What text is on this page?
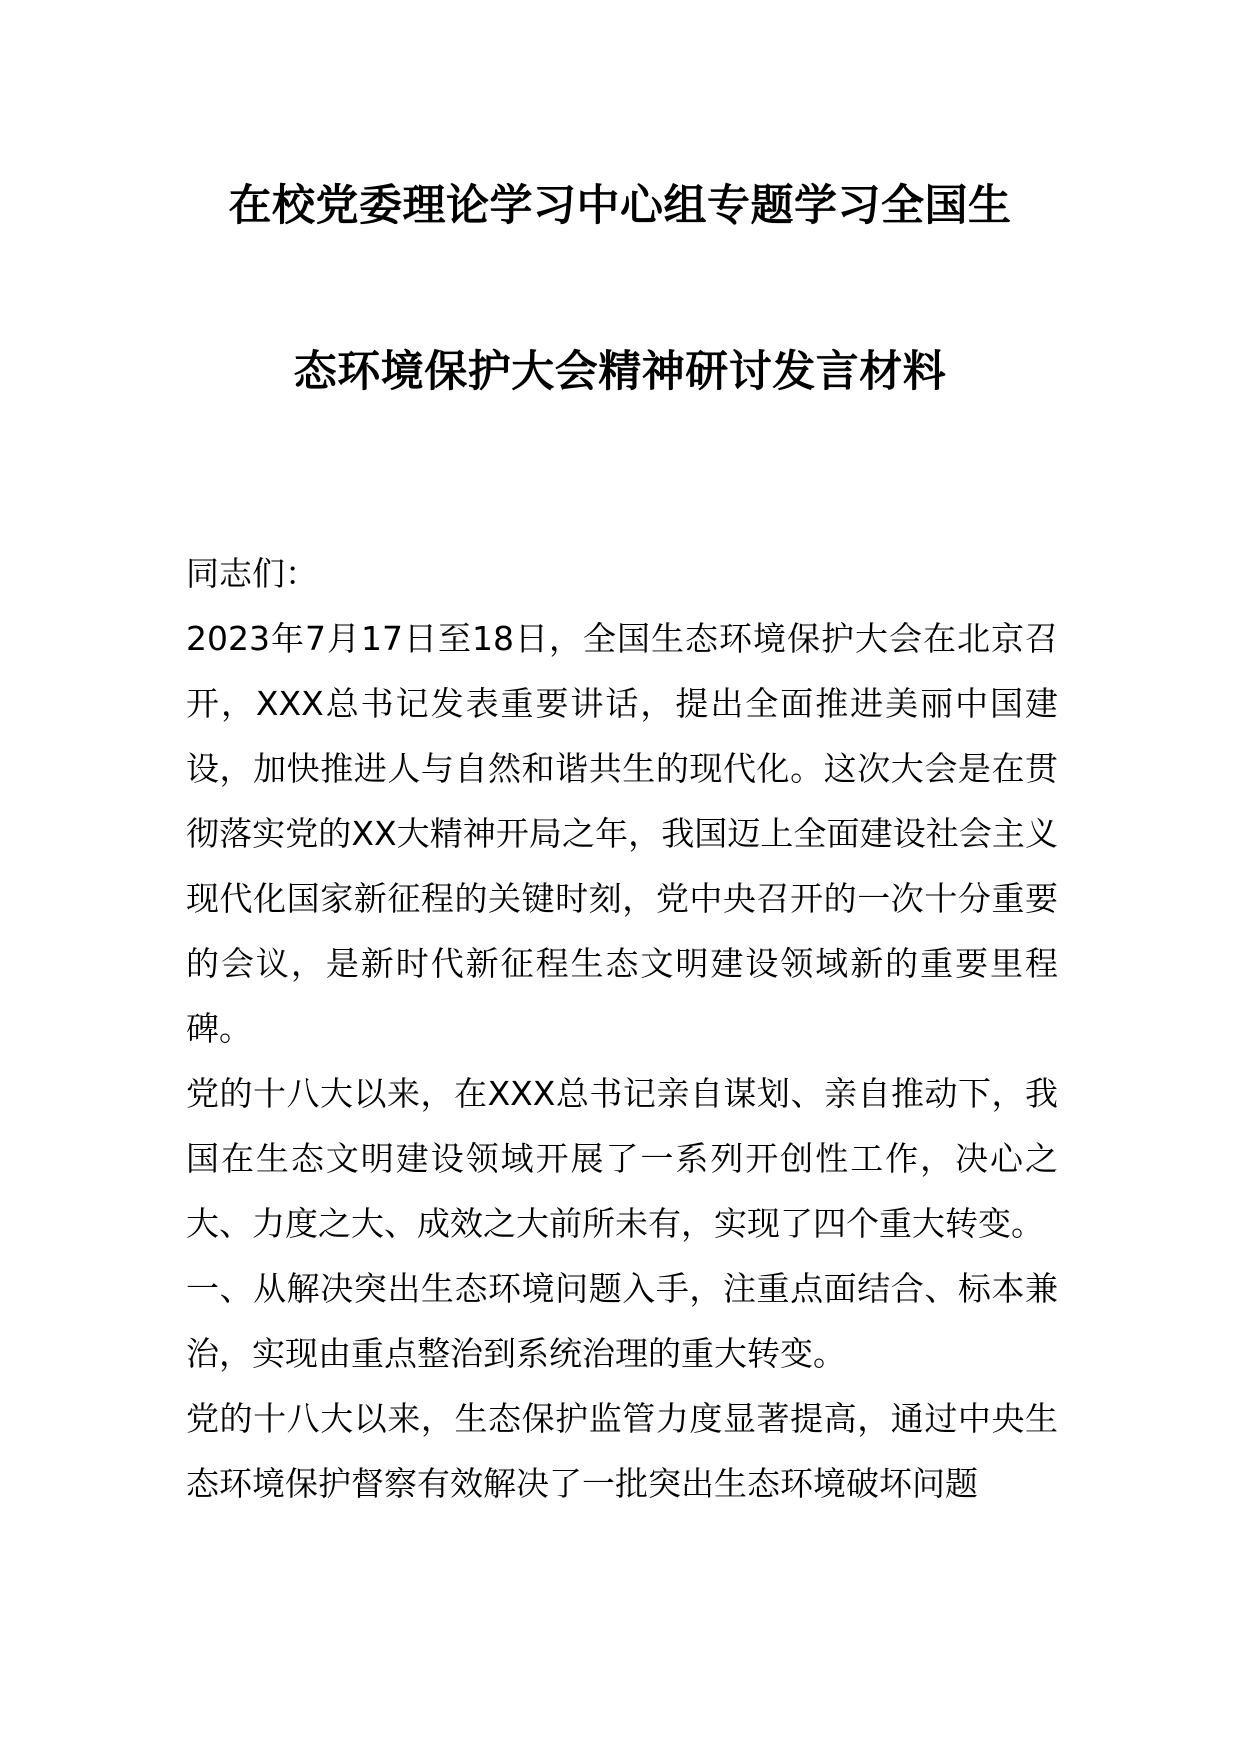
在校党委理论学习中心组专题学习全国生
态环境保护大会精神研讨发言材料

同志们：

2023年7月17日至18日，全国生态环境保护大会在北京召开，XXX总书记发表重要讲话，提出全面推进美丽中国建设，加快推进人与自然和谐共生的现代化。这次大会是在贯彻落实党的XX大精神开局之年，我国迈上全面建设社会主义现代化国家新征程的关键时刻，党中央召开的一次十分重要的会议，是新时代新征程生态文明建设领域新的重要里程碑。

党的十八大以来，在XXX总书记亲自谋划、亲自推动下，我国在生态文明建设领域开展了一系列开创性工作，决心之大、力度之大、成效之大前所未有，实现了四个重大转变。

一、从解决突出生态环境问题入手，注重点面结合、标本兼治，实现由重点整治到系统治理的重大转变。

党的十八大以来，生态保护监管力度显著提高，通过中央生态环境保护督察有效解决了一批突出生态环境破坏问题
